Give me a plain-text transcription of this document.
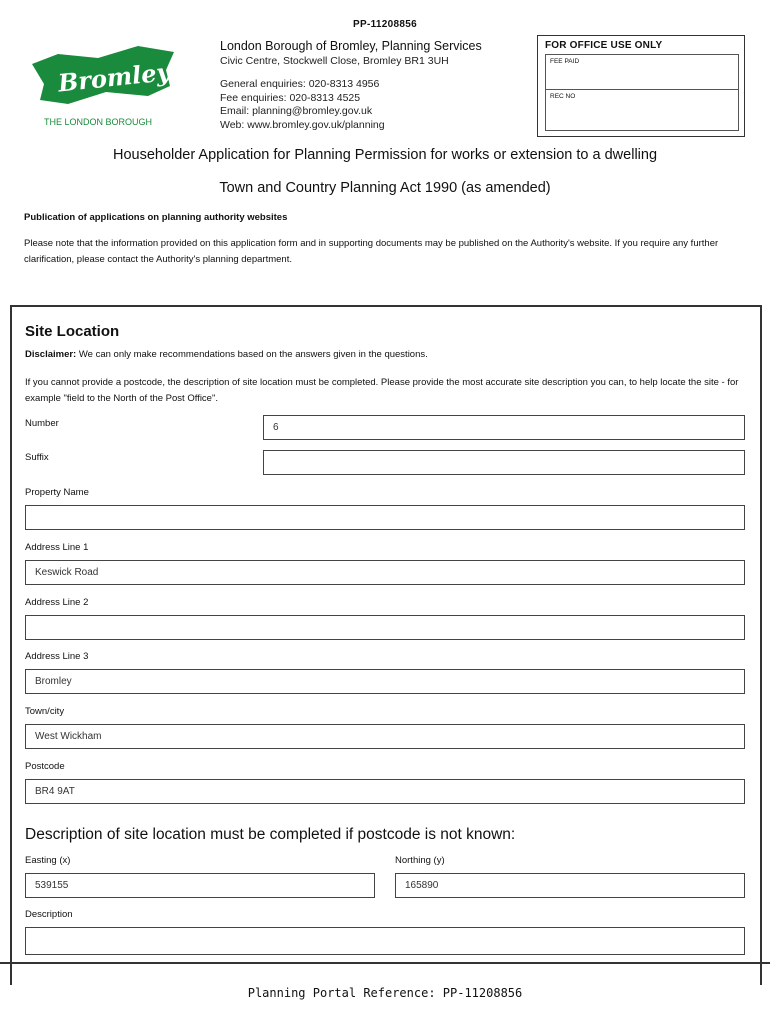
PP-11208856
Bromley
THE LONDON BOROUGH
London Borough of Bromley, Planning Services
Civic Centre, Stockwell Close, Bromley BR1 3UH
General enquiries: 020-8313 4956
Fee enquiries: 020-8313 4525
Email: planning@bromley.gov.uk
Web: www.bromley.gov.uk/planning
FOR OFFICE USE ONLY
FEE PAID
REC NO
Householder Application for Planning Permission for works or extension to a dwelling
Town and Country Planning Act 1990 (as amended)
Publication of applications on planning authority websites
Please note that the information provided on this application form and in supporting documents may be published on the Authority's website. If you require any further clarification, please contact the Authority's planning department.
Site Location
Disclaimer: We can only make recommendations based on the answers given in the questions.
If you cannot provide a postcode, the description of site location must be completed. Please provide the most accurate site description you can, to help locate the site - for example "field to the North of the Post Office".
Number	6
Suffix
Property Name
Address Line 1
Keswick Road
Address Line 2
Address Line 3
Bromley
Town/city
West Wickham
Postcode
BR4 9AT
Description of site location must be completed if postcode is not known:
Easting (x)
539155
Northing (y)
165890
Description
Planning Portal Reference: PP-11208856
